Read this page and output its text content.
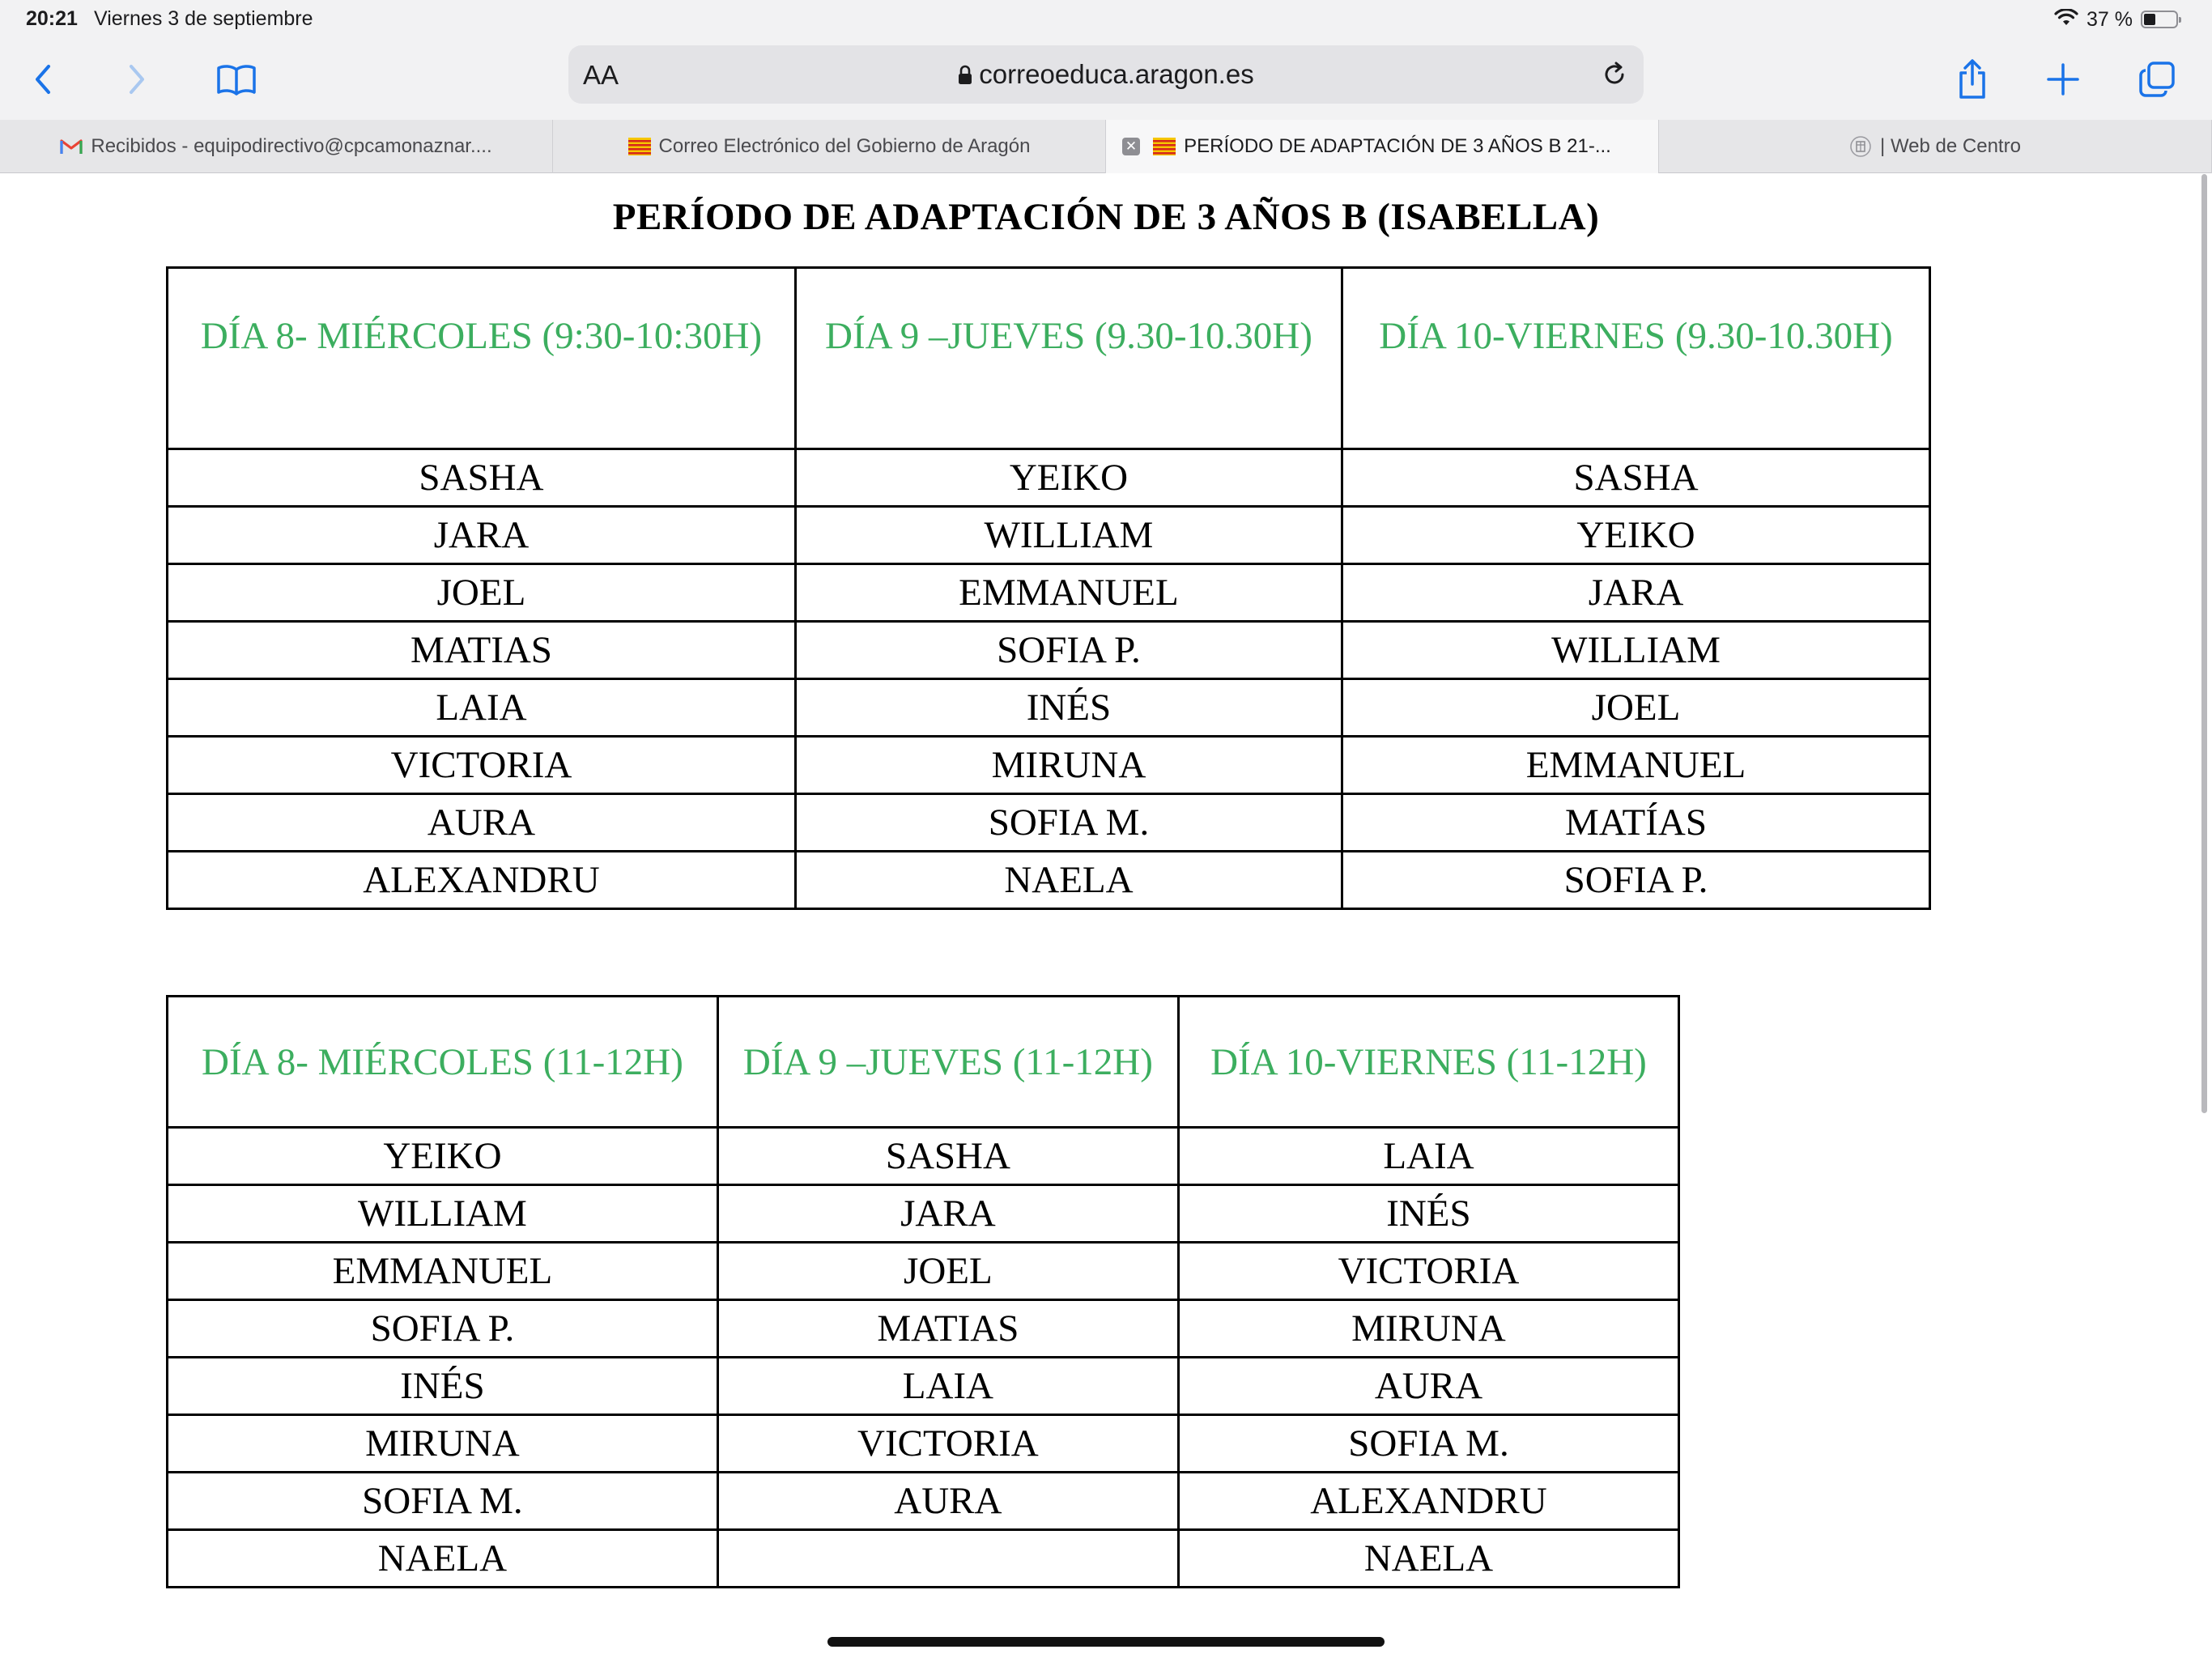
20:21 Viernes 3 de septiembre	37 %
AA	correoeduca.aragon.es
Recibidos - equipodirectivo@cpcamonaznar....	Correo Electrónico del Gobierno de Aragón	✕ PERÍODO DE ADAPTACIÓN DE 3 AÑOS B 21-...	| Web de Centro
PERÍODO DE ADAPTACIÓN DE 3 AÑOS B (ISABELLA)
DÍA 8- MIÉRCOLES (9:30-10:30H)	DÍA 9 –JUEVES (9.30-10.30H)	DÍA 10-VIERNES (9.30-10.30H)
SASHA	YEIKO	SASHA
JARA	WILLIAM	YEIKO
JOEL	EMMANUEL	JARA
MATIAS	SOFIA P.	WILLIAM
LAIA	INÉS	JOEL
VICTORIA	MIRUNA	EMMANUEL
AURA	SOFIA M.	MATÍAS
ALEXANDRU	NAELA	SOFIA P.
DÍA 8- MIÉRCOLES (11-12H)	DÍA 9 –JUEVES (11-12H)	DÍA 10-VIERNES (11-12H)
YEIKO	SASHA	LAIA
WILLIAM	JARA	INÉS
EMMANUEL	JOEL	VICTORIA
SOFIA P.	MATIAS	MIRUNA
INÉS	LAIA	AURA
MIRUNA	VICTORIA	SOFIA M.
SOFIA M.	AURA	ALEXANDRU
NAELA		NAELA
